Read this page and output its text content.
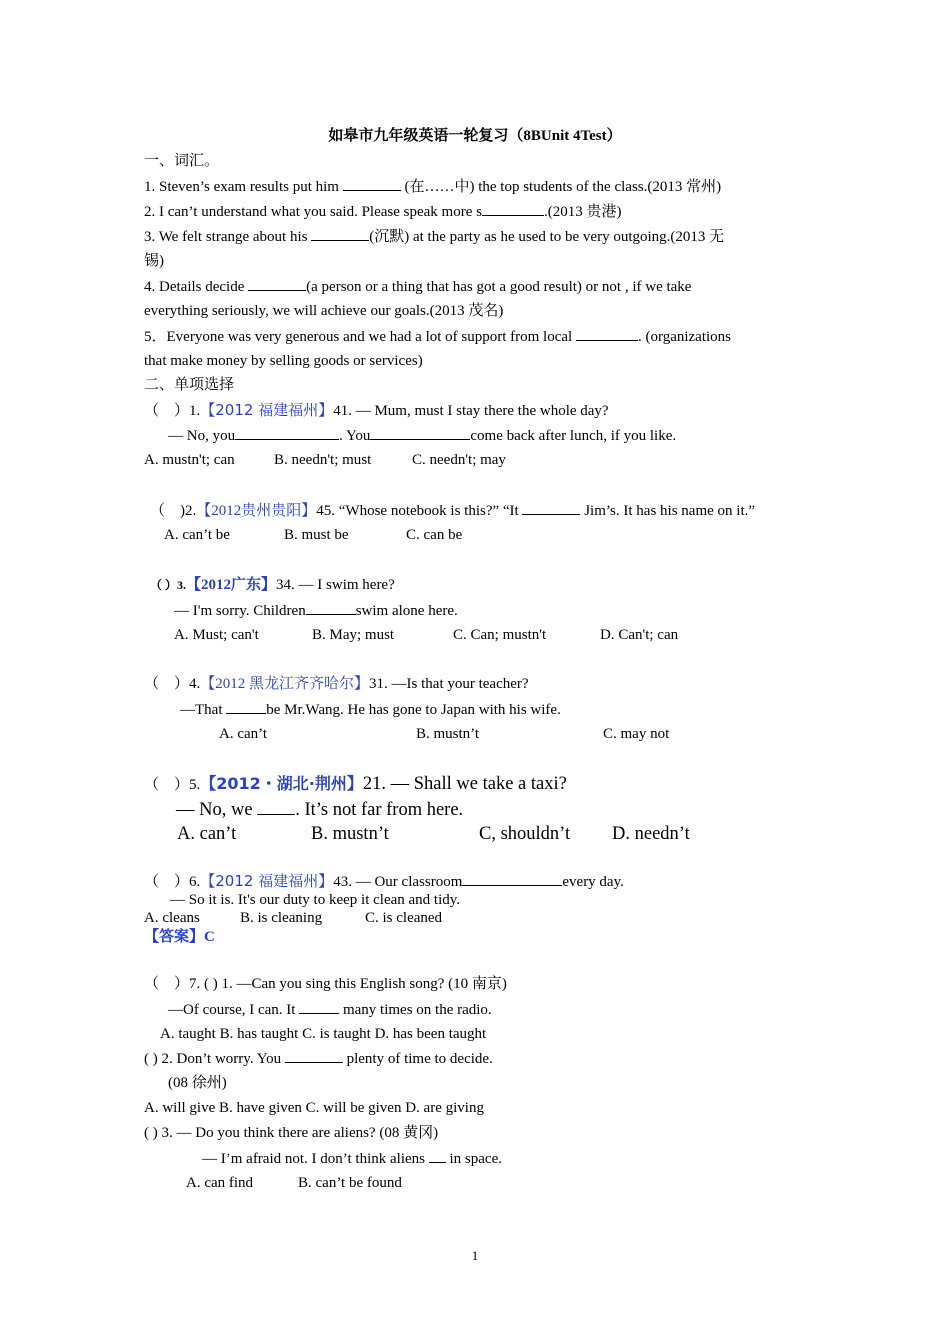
如皋市九年级英语一轮复习（8BUnit 4Test）
一、词汇。
1. Steven’s exam results put him	(在……中) the top students of the class.(2013 常州)
2. I can’t understand what you said. Please speak more s	.(2013 贵港)
3. We felt strange about his	(沉默) at the party as he used to be very outgoing.(2013 无
锡)
4. Details decide	(a person or a thing that has got a good result) or not , if we take
everything seriously, we will achieve our goals.(2013 茂名)
5．Everyone was very generous and we had a lot of support from local	. (organizations
that make money by selling goods or services)
二、单项选择
（　）1.【2012 福建福州】41. — Mum, must I stay there the whole day?
— No, you	. You	come back after lunch, if you like.
A. mustn't; can	B. needn't; must	C. needn't; may
（　)2.【2012贵州贵阳】45. “Whose notebook is this?” “It	Jim’s. It has his name on it.”
A. can’t be	B. must be	C. can be
（ ）3.【2012广东】34. — I swim here?
— I'm sorry. Children	swim alone here.
A. Must; can't	B. May; must	C. Can; mustn't	D. Can't; can
（　）4.【2012 黑龙江齐齐哈尔】31. —Is that your teacher?
—That	be Mr.Wang. He has gone to Japan with his wife.
A. can’t	B. mustn’t	C. may not
（　）5.【2012・湖北·荆州】21. — Shall we take a taxi?
— No, we . It’s not far from here.
A. can’t	B. mustn’t	C, shouldn’t D. needn’t
（　）6.【2012 福建福州】43. — Our classroom	every day.
— So it is. It's our duty to keep it clean and tidy.
A. cleans	B. is cleaning	C. is cleaned
【答案】C
（　）7. ( ) 1. —Can you sing this English song? (10 南京)
—Of course, I can. It	many times on the radio.
A. taught B. has taught C. is taught D. has been taught
( ) 2. Don’t worry. You	plenty of time to decide.
(08 徐州)
A. will give B. have given C. will be given D. are giving
( ) 3. — Do you think there are aliens? (08 黄冈)
— I’m afraid not. I don’t think aliens  in space.
A. can find	B. can’t be found
1
